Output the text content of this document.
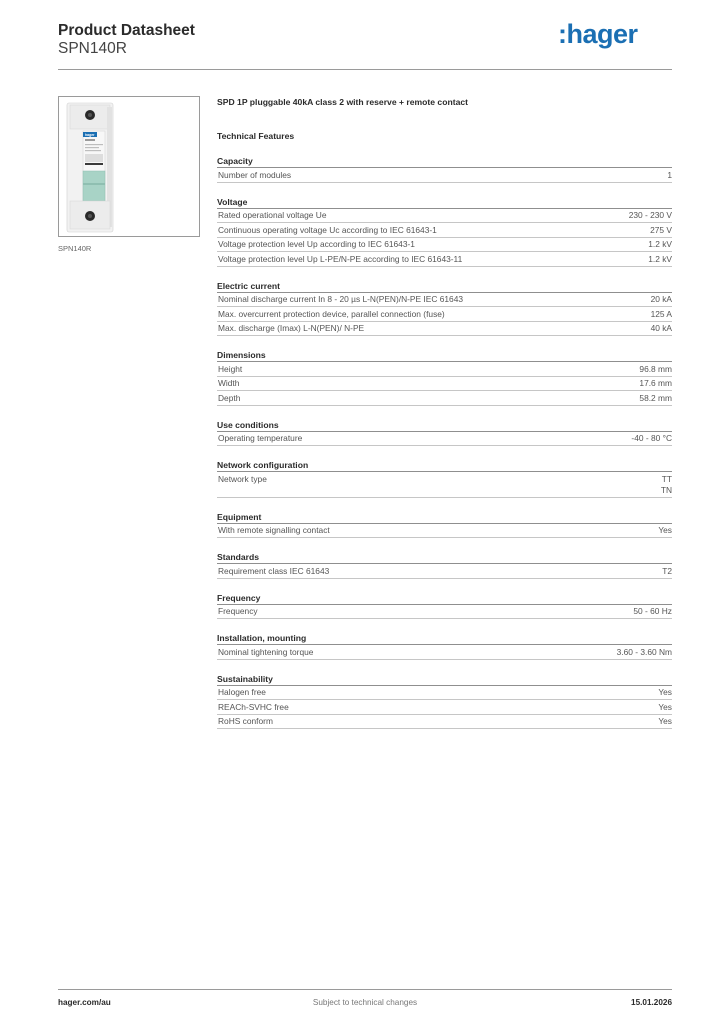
Product Datasheet
SPN140R	:hager
hager
SPN140R
SPD 1P pluggable 40kA class 2 with reserve + remote contact
Technical Features
Capacity
Number of modules	1
Voltage
Rated operational voltage Ue	230 - 230 V
Continuous operating voltage Uc according to IEC 61643-1	275 V
Voltage protection level Up according to IEC 61643-1	1.2 kV
Voltage protection level Up L-PE/N-PE according to IEC 61643-11	1.2 kV
Electric current
Nominal discharge current In 8 - 20 µs L-N(PEN)/N-PE IEC 61643	20 kA
Max. overcurrent protection device, parallel connection (fuse)	125 A
Max. discharge (Imax) L-N(PEN)/ N-PE	40 kA
Dimensions
Height	96.8 mm
Width	17.6 mm
Depth	58.2 mm
Use conditions
Operating temperature	-40 - 80 °C
Network configuration
Network type	TT
TN
Equipment
With remote signalling contact	Yes
Standards
Requirement class IEC 61643	T2
Frequency
Frequency	50 - 60 Hz
Installation, mounting
Nominal tightening torque	3.60 - 3.60 Nm
Sustainability
Halogen free	Yes
REACh-SVHC free	Yes
RoHS conform	Yes
Subject to technical changes
hager.com/au	15.01.2026
